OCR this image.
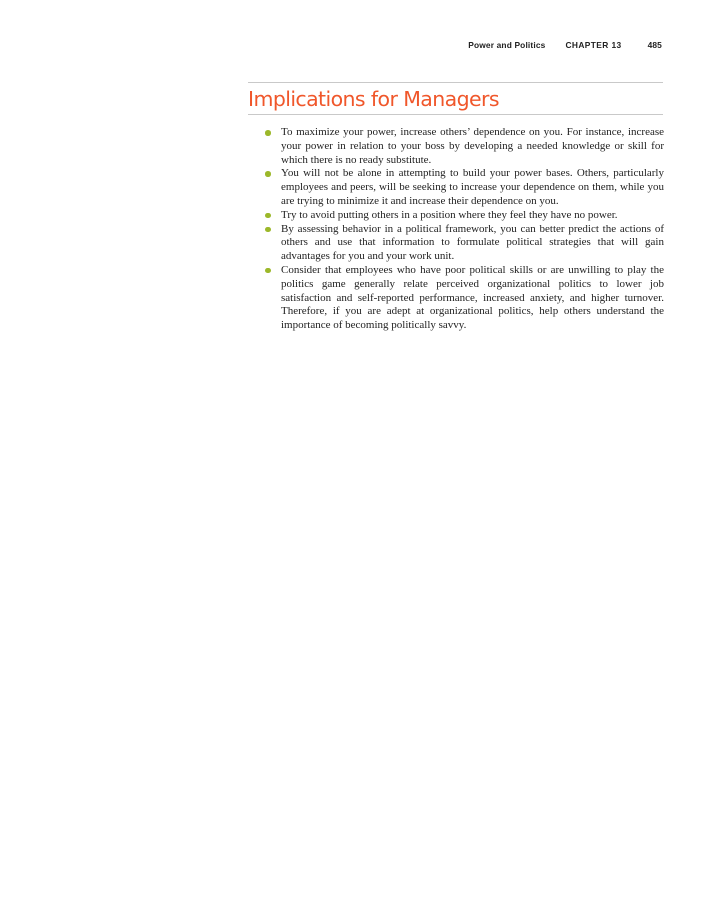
Power and Politics CHAPTER 13	485
Implications for Managers
To maximize your power, increase others’ dependence on you. For instance, increase your power in relation to your boss by developing a needed knowledge or skill for which there is no ready substitute.
You will not be alone in attempting to build your power bases. Others, particularly employees and peers, will be seeking to increase your dependence on them, while you are trying to minimize it and increase their dependence on you.
Try to avoid putting others in a position where they feel they have no power.
By assessing behavior in a political framework, you can better predict the actions of others and use that information to formulate political strategies that will gain advantages for you and your work unit.
Consider that employees who have poor political skills or are unwilling to play the politics game generally relate perceived organizational politics to lower job satisfaction and self-reported performance, increased anxiety, and higher turnover. Therefore, if you are adept at organizational politics, help others understand the importance of becoming politically savvy.
